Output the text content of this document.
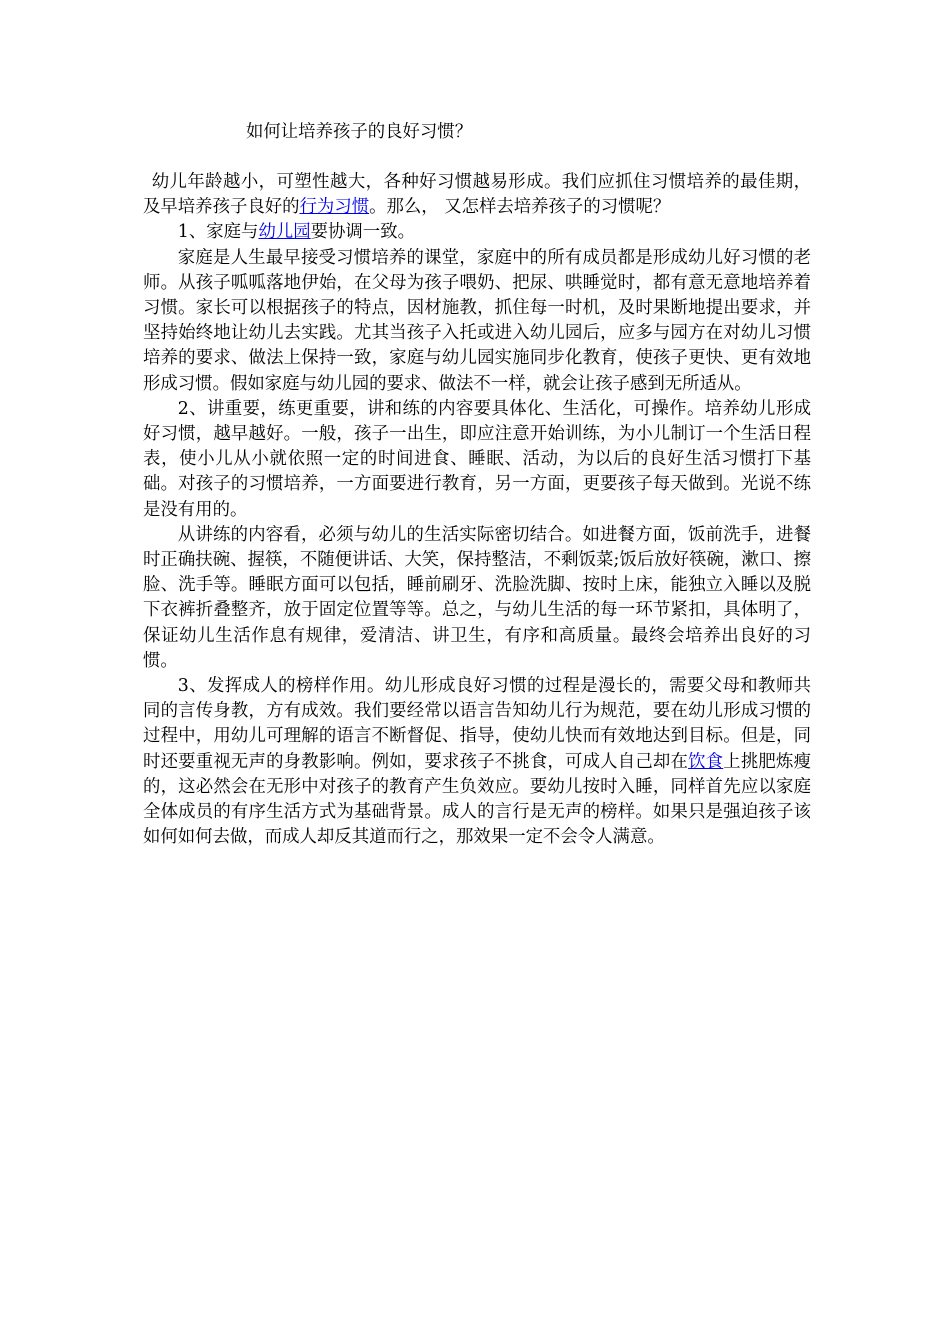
如何让培养孩子的良好习惯？

幼儿年龄越小，可塑性越大，各种好习惯越易形成。我们应抓住习惯培养的最佳期， 及早培养孩子良好的行为习惯。那么， 又怎样去培养孩子的习惯呢？

1、家庭与幼儿园要协调一致。

家庭是人生最早接受习惯培养的课堂，家庭中的所有成员都是形成幼儿好习惯的老师。从孩子呱呱落地伊始，在父母为孩子喂奶、把尿、哄睡觉时，都有意无意地培养着习惯。家长可以根据孩子的特点，因材施教，抓住每一时机，及时果断地提出要求，并坚持始终地让幼儿去实践。尤其当孩子入托或进入幼儿园后，应多与园方在对幼儿习惯培养的要求、做法上保持一致，家庭与幼儿园实施同步化教育，使孩子更快、更有效地形成习惯。假如家庭与幼儿园的要求、做法不一样，就会让孩子感到无所适从。

2、讲重要，练更重要，讲和练的内容要具体化、生活化，可操作。培养幼儿形成好习惯，越早越好。一般，孩子一出生，即应注意开始训练，为小儿制订一个生活日程表，使小儿从小就依照一定的时间进食、睡眠、活动，为以后的良好生活习惯打下基础。对孩子的习惯培养，一方面要进行教育，另一方面，更要孩子每天做到。光说不练是没有用的。

从讲练的内容看，必须与幼儿的生活实际密切结合。如进餐方面，饭前洗手，进餐时正确扶碗、握筷，不随便讲话、大笑，保持整洁，不剩饭菜;饭后放好筷碗，漱口、擦脸、洗手等。睡眠方面可以包括，睡前刷牙、洗脸洗脚、按时上床，能独立入睡以及脱下衣裤折叠整齐，放于固定位置等等。总之，与幼儿生活的每一环节紧扣，具体明了，保证幼儿生活作息有规律，爱清洁、讲卫生，有序和高质量。最终会培养出良好的习惯。

3、发挥成人的榜样作用。幼儿形成良好习惯的过程是漫长的，需要父母和教师共同的言传身教，方有成效。我们要经常以语言告知幼儿行为规范，要在幼儿形成习惯的过程中，用幼儿可理解的语言不断督促、指导，使幼儿快而有效地达到目标。但是，同时还要重视无声的身教影响。例如，要求孩子不挑食，可成人自己却在饮食上挑肥炼瘦的，这必然会在无形中对孩子的教育产生负效应。要幼儿按时入睡，同样首先应以家庭全体成员的有序生活方式为基础背景。成人的言行是无声的榜样。如果只是强迫孩子该如何如何去做，而成人却反其道而行之，那效果一定不会令人满意。
